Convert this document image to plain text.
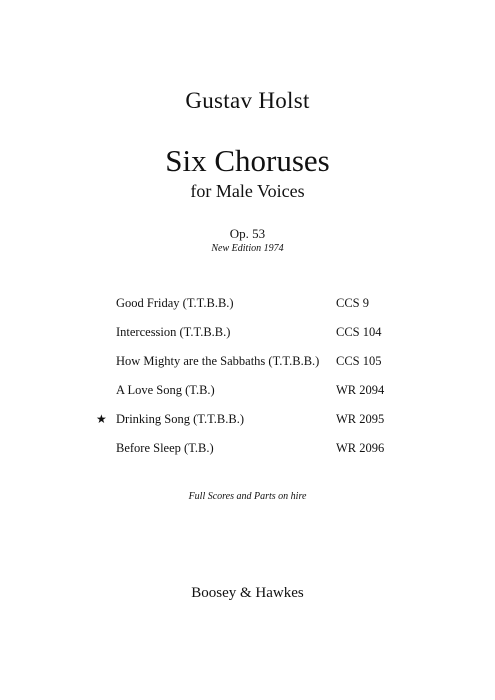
Gustav Holst
Six Choruses
for Male Voices
Op. 53
New Edition 1974
Good Friday (T.T.B.B.)	CCS 9
Intercession (T.T.B.B.)	CCS 104
How Mighty are the Sabbaths (T.T.B.B.) CCS 105
A Love Song (T.B.)	WR 2094
★ Drinking Song (T.T.B.B.)	WR 2095
Before Sleep (T.B.)	WR 2096
Full Scores and Parts on hire
Boosey & Hawkes
